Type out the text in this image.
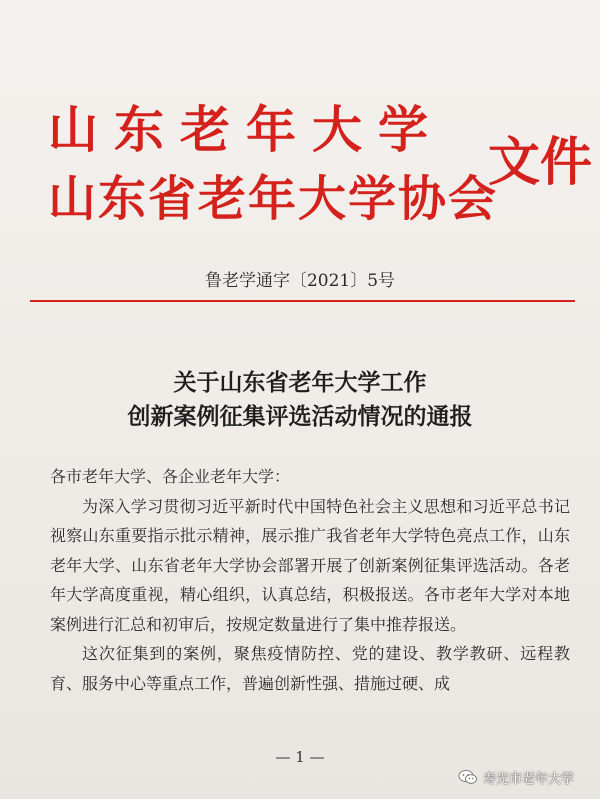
山东老年大学
山东省老年大学协会
文件
鲁老学通字〔2021〕5号
关于山东省老年大学工作
创新案例征集评选活动情况的通报

各市老年大学、各企业老年大学：

为深入学习贯彻习近平新时代中国特色社会主义思想和习近平总书记视察山东重要指示批示精神，展示推广我省老年大学特色亮点工作，山东老年大学、山东省老年大学协会部署开展了创新案例征集评选活动。各老年大学高度重视，精心组织，认真总结，积极报送。各市老年大学对本地案例进行汇总和初审后，按规定数量进行了集中推荐报送。

这次征集到的案例，聚焦疫情防控、党的建设、教学教研、远程教育、服务中心等重点工作，普遍创新性强、措施过硬、成

— 1 —
寿光市老年大学
